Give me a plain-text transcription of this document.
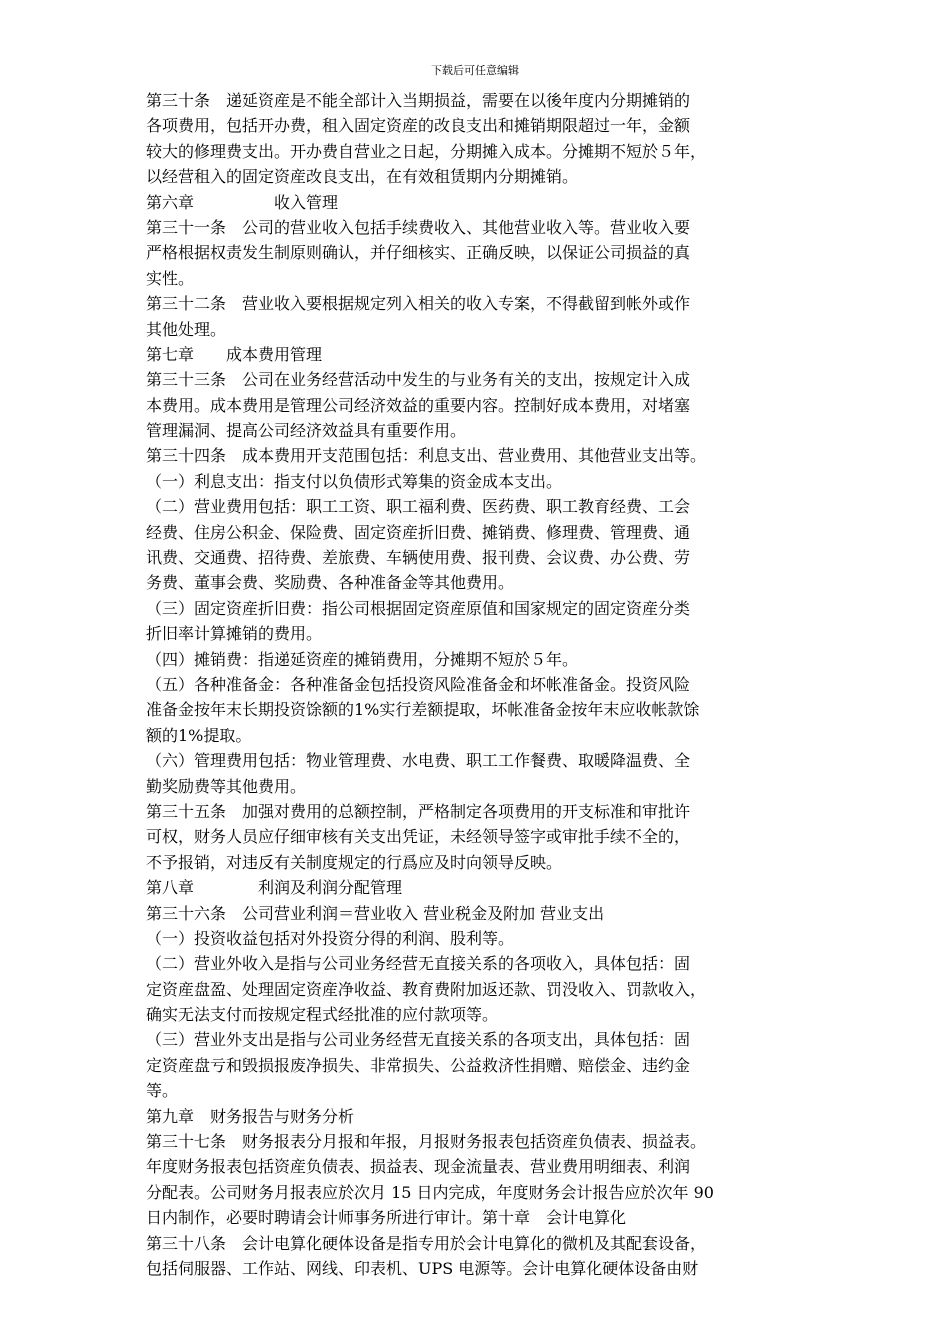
下载后可任意编辑
第三十条　递延资産是不能全部计入当期损益，需要在以後年度内分期摊销的
各项费用，包括开办费，租入固定资産的改良支出和摊销期限超过一年，金额
较大的修理费支出。开办费自营业之日起，分期摊入成本。分摊期不短於５年，
以经营租入的固定资産改良支出，在有效租赁期内分期摊销。
第六章　　　　　收入管理
第三十一条　公司的营业收入包括手续费收入、其他营业收入等。营业收入要
严格根据权责发生制原则确认，并仔细核实、正确反映，以保证公司损益的真
实性。
第三十二条　营业收入要根据规定列入相关的收入专案，不得截留到帐外或作
其他处理。
第七章　　成本费用管理
第三十三条　公司在业务经营活动中发生的与业务有关的支出，按规定计入成
本费用。成本费用是管理公司经济效益的重要内容。控制好成本费用，对堵塞
管理漏洞、提高公司经济效益具有重要作用。
第三十四条　成本费用开支范围包括：利息支出、营业费用、其他营业支出等。
（一）利息支出：指支付以负债形式筹集的资金成本支出。
（二）营业费用包括：职工工资、职工福利费、医药费、职工教育经费、工会
经费、住房公积金、保险费、固定资産折旧费、摊销费、修理费、管理费、通
讯费、交通费、招待费、差旅费、车辆使用费、报刊费、会议费、办公费、劳
务费、董事会费、奖励费、各种准备金等其他费用。
（三）固定资産折旧费：指公司根据固定资産原值和国家规定的固定资産分类
折旧率计算摊销的费用。
（四）摊销费：指递延资産的摊销费用，分摊期不短於５年。
（五）各种准备金：各种准备金包括投资风险准备金和坏帐准备金。投资风险
准备金按年末长期投资馀额的1%实行差额提取，坏帐准备金按年末应收帐款馀
额的1%提取。
（六）管理费用包括：物业管理费、水电费、职工工作餐费、取暖降温费、全
勤奖励费等其他费用。
第三十五条　加强对费用的总额控制，严格制定各项费用的开支标准和审批许
可权，财务人员应仔细审核有关支出凭证，未经领导签字或审批手续不全的，
不予报销，对违反有关制度规定的行爲应及时向领导反映。
第八章　　　　利润及利润分配管理
第三十六条　公司营业利润＝营业收入 营业税金及附加 营业支出
（一）投资收益包括对外投资分得的利润、股利等。
（二）营业外收入是指与公司业务经营无直接关系的各项收入，具体包括：固
定资産盘盈、处理固定资産净收益、教育费附加返还款、罚没收入、罚款收入，
确实无法支付而按规定程式经批准的应付款项等。
（三）营业外支出是指与公司业务经营无直接关系的各项支出，具体包括：固
定资産盘亏和毁损报废净损失、非常损失、公益救济性捐赠、赔偿金、违约金
等。
第九章　财务报告与财务分析
第三十七条　财务报表分月报和年报，月报财务报表包括资産负债表、损益表。
年度财务报表包括资産负债表、损益表、现金流量表、营业费用明细表、利润
分配表。公司财务月报表应於次月 15 日内完成，年度财务会计报告应於次年 90
日内制作，必要时聘请会计师事务所进行审计。第十章　会计电算化
第三十八条　会计电算化硬体设备是指专用於会计电算化的微机及其配套设备，
包括伺服器、工作站、网线、印表机、UPS 电源等。会计电算化硬体设备由财
